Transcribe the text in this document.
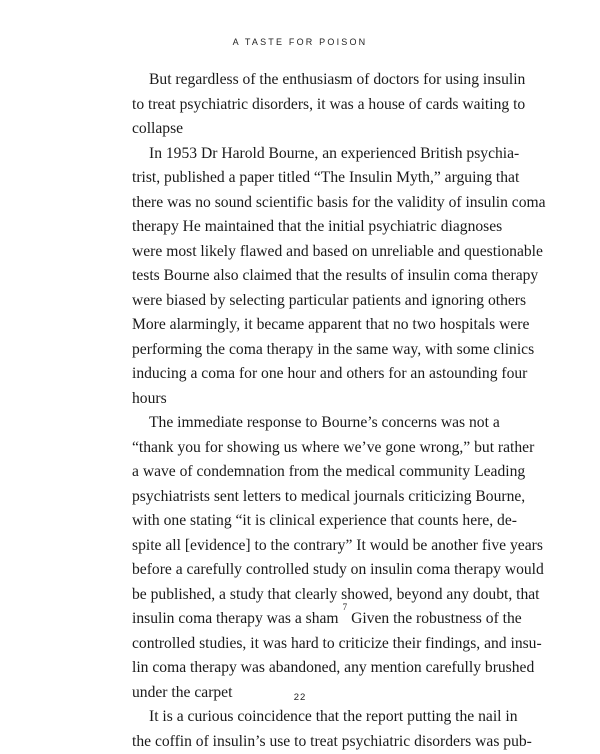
A TASTE FOR POISON
But regardless of the enthusiasm of doctors for using insulin
to treat psychiatric disorders, it was a house of cards waiting to
collapse
In 1953 Dr Harold Bourne, an experienced British psychia-
trist, published a paper titled “The Insulin Myth,” arguing that
there was no sound scientific basis for the validity of insulin coma
therapy He maintained that the initial psychiatric diagnoses
were most likely flawed and based on unreliable and questionable
tests Bourne also claimed that the results of insulin coma therapy
were biased by selecting particular patients and ignoring others
More alarmingly, it became apparent that no two hospitals were
performing the coma therapy in the same way, with some clinics
inducing a coma for one hour and others for an astounding four
hours
The immediate response to Bourne’s concerns was not a
“thank you for showing us where we’ve gone wrong,” but rather
a wave of condemnation from the medical community Leading
psychiatrists sent letters to medical journals criticizing Bourne,
with one stating “it is clinical experience that counts here, de-
spite all [evidence] to the contrary” It would be another five years
before a carefully controlled study on insulin coma therapy would
be published, a study that clearly showed, beyond any doubt, that
insulin coma therapy was a sham
7
Given the robustness of the
controlled studies, it was hard to criticize their findings, and insu-
lin coma therapy was abandoned, any mention carefully brushed
under the carpet
It is a curious coincidence that the report putting the nail in
the coffin of insulin’s use to treat psychiatric disorders was pub-
22
